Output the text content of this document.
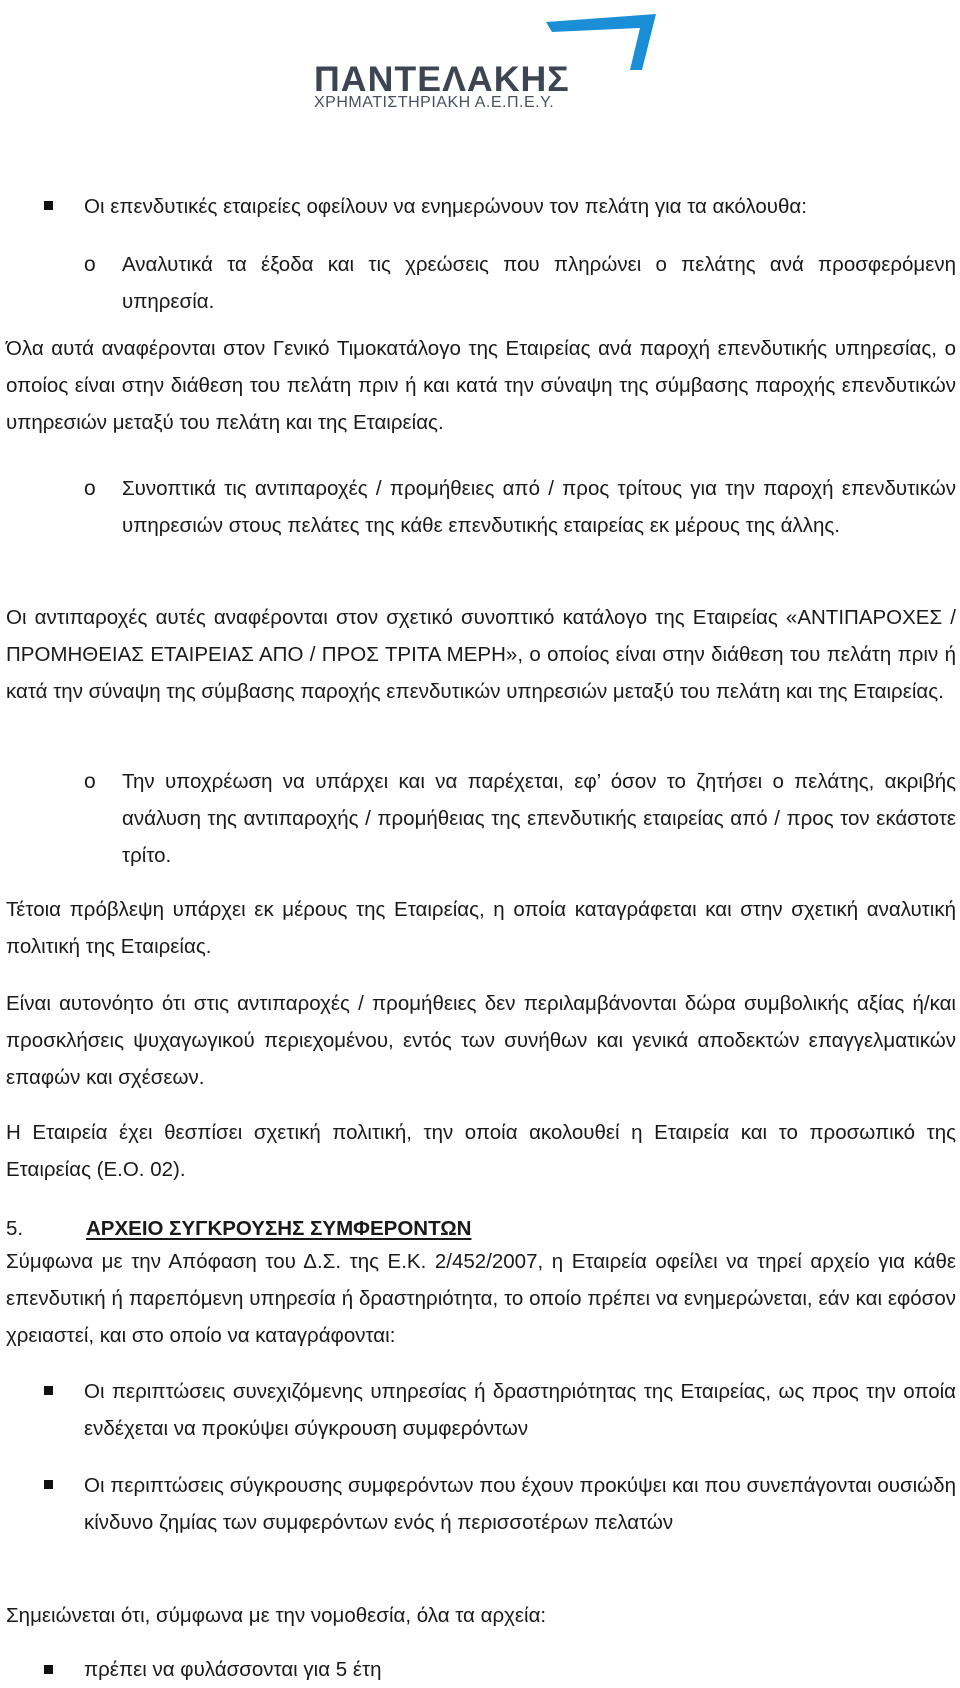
ΠΑΝΤΕΛΑΚΗΣ
ΧΡΗΜΑΤΙΣΤΗΡΙΑΚΗ Α.Ε.Π.Ε.Υ.

Οι επενδυτικές εταιρείες οφείλουν να ενημερώνουν τον πελάτη για τα ακόλουθα:

o Αναλυτικά τα έξοδα και τις χρεώσεις που πληρώνει ο πελάτης ανά προσφερόμενη υπηρεσία.

Όλα αυτά αναφέρονται στον Γενικό Τιμοκατάλογο της Εταιρείας ανά παροχή επενδυτικής υπηρεσίας, ο οποίος είναι στην διάθεση του πελάτη πριν ή και κατά την σύναψη της σύμβασης παροχής επενδυτικών υπηρεσιών μεταξύ του πελάτη και της Εταιρείας.

o Συνοπτικά τις αντιπαροχές / προμήθειες από / προς τρίτους για την παροχή επενδυτικών υπηρεσιών στους πελάτες της κάθε επενδυτικής εταιρείας εκ μέρους της άλλης.

Οι αντιπαροχές αυτές αναφέρονται στον σχετικό συνοπτικό κατάλογο της Εταιρείας «ΑΝΤΙΠΑΡΟΧΕΣ / ΠΡΟΜΗΘΕΙΑΣ ΕΤΑΙΡΕΙΑΣ ΑΠΟ / ΠΡΟΣ ΤΡΙΤΑ ΜΕΡΗ», ο οποίος είναι στην διάθεση του πελάτη πριν ή κατά την σύναψη της σύμβασης παροχής επενδυτικών υπηρεσιών μεταξύ του πελάτη και της Εταιρείας.

o Την υποχρέωση να υπάρχει και να παρέχεται, εφ’ όσον το ζητήσει ο πελάτης, ακριβής ανάλυση της αντιπαροχής / προμήθειας της επενδυτικής εταιρείας από / προς τον εκάστοτε τρίτο.

Τέτοια πρόβλεψη υπάρχει εκ μέρους της Εταιρείας, η οποία καταγράφεται και στην σχετική αναλυτική πολιτική της Εταιρείας.

Είναι αυτονόητο ότι στις αντιπαροχές / προμήθειες δεν περιλαμβάνονται δώρα συμβολικής αξίας ή/και προσκλήσεις ψυχαγωγικού περιεχομένου, εντός των συνήθων και γενικά αποδεκτών επαγγελματικών επαφών και σχέσεων.

Η Εταιρεία έχει θεσπίσει σχετική πολιτική, την οποία ακολουθεί η Εταιρεία και το προσωπικό της Εταιρείας (Ε.Ο. 02).

5.	ΑΡΧΕΙΟ ΣΥΓΚΡΟΥΣΗΣ ΣΥΜΦΕΡΟΝΤΩΝ

Σύμφωνα με την Απόφαση του Δ.Σ. της Ε.Κ. 2/452/2007, η Εταιρεία οφείλει να τηρεί αρχείο για κάθε επενδυτική ή παρεπόμενη υπηρεσία ή δραστηριότητα, το οποίο πρέπει να ενημερώνεται, εάν και εφόσον χρειαστεί, και στο οποίο να καταγράφονται:

Οι περιπτώσεις συνεχιζόμενης υπηρεσίας ή δραστηριότητας της Εταιρείας, ως προς την οποία ενδέχεται να προκύψει σύγκρουση συμφερόντων

Οι περιπτώσεις σύγκρουσης συμφερόντων που έχουν προκύψει και που συνεπάγονται ουσιώδη κίνδυνο ζημίας των συμφερόντων ενός ή περισσοτέρων πελατών

Σημειώνεται ότι, σύμφωνα με την νομοθεσία, όλα τα αρχεία:

πρέπει να φυλάσσονται για 5 έτη
